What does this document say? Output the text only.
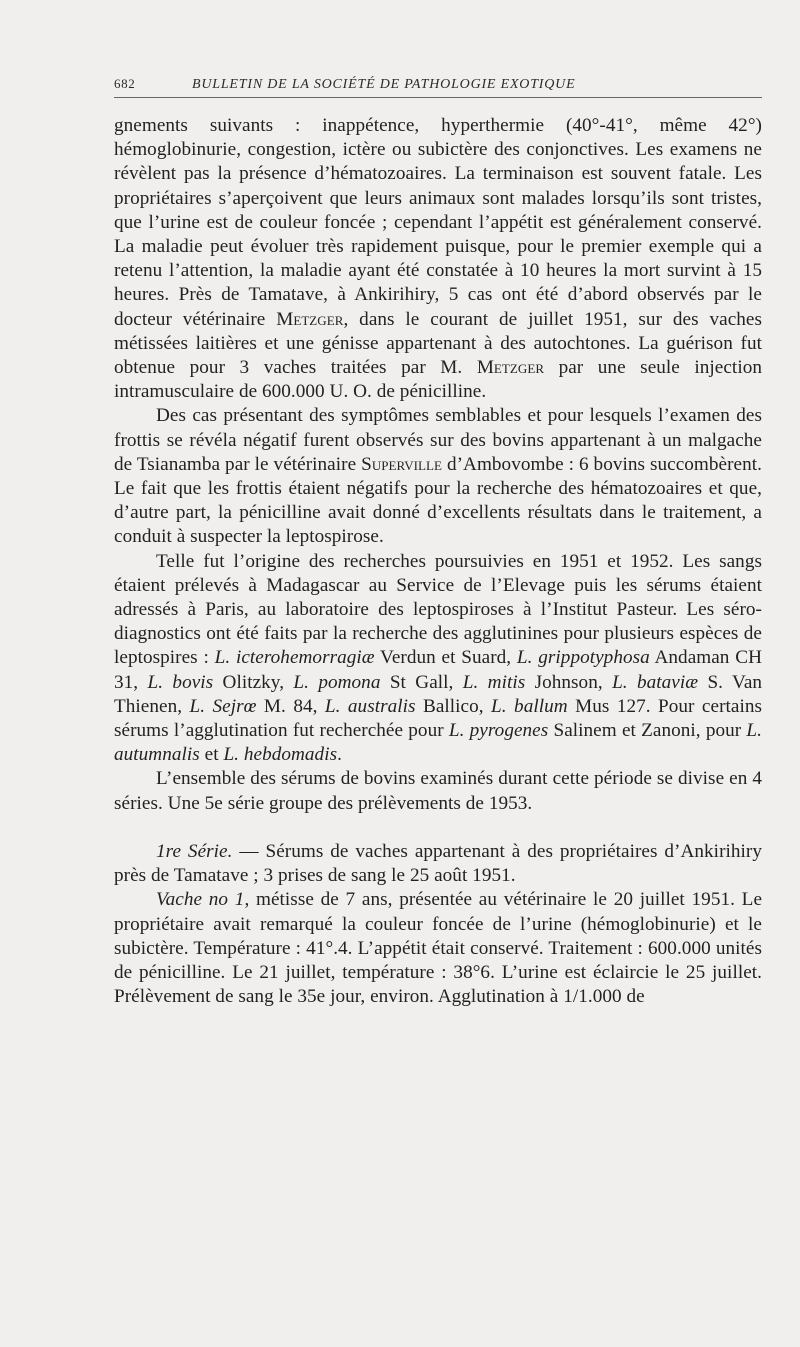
682	BULLETIN DE LA SOCIÉTÉ DE PATHOLOGIE EXOTIQUE

gnements suivants : inappétence, hyperthermie (40°-41°, même 42°) hémoglobinurie, congestion, ictère ou subictère des conjonctives. Les examens ne révèlent pas la présence d’hématozoaires. La terminaison est souvent fatale. Les propriétaires s’aperçoivent que leurs animaux sont malades lorsqu’ils sont tristes, que l’urine est de couleur foncée ; cependant l’appétit est généralement conservé. La maladie peut évoluer très rapidement puisque, pour le premier exemple qui a retenu l’attention, la maladie ayant été constatée à 10 heures la mort survint à 15 heures. Près de Tamatave, à Ankirihiry, 5 cas ont été d’abord observés par le docteur vétérinaire Metzger, dans le courant de juillet 1951, sur des vaches métissées laitières et une génisse appartenant à des autochtones. La guérison fut obtenue pour 3 vaches traitées par M. Metzger par une seule injection intramusculaire de 600.000 U. O. de pénicilline.

Des cas présentant des symptômes semblables et pour lesquels l’examen des frottis se révéla négatif furent observés sur des bovins appartenant à un malgache de Tsianamba par le vétérinaire Superville d’Ambovombe : 6 bovins succombèrent. Le fait que les frottis étaient négatifs pour la recherche des hématozoaires et que, d’autre part, la pénicilline avait donné d’excellents résultats dans le traitement, a conduit à suspecter la leptospirose.

Telle fut l’origine des recherches poursuivies en 1951 et 1952. Les sangs étaient prélevés à Madagascar au Service de l’Elevage puis les sérums étaient adressés à Paris, au laboratoire des leptospiroses à l’Institut Pasteur. Les séro-diagnostics ont été faits par la recherche des agglutinines pour plusieurs espèces de leptospires : L. icterohemorragiæ Verdun et Suard, L. grippotyphosa Andaman CH 31, L. bovis Olitzky, L. pomona St Gall, L. mitis Johnson, L. bataviæ S. Van Thienen, L. Sejrœ M. 84, L. australis Ballico, L. ballum Mus 127. Pour certains sérums l’agglutination fut recherchée pour L. pyrogenes Salinem et Zanoni, pour L. autumnalis et L. hebdomadis.

L’ensemble des sérums de bovins examinés durant cette période se divise en 4 séries. Une 5e série groupe des prélèvements de 1953.

1re Série. — Sérums de vaches appartenant à des propriétaires d’Ankirihiry près de Tamatave ; 3 prises de sang le 25 août 1951.

Vache no 1, métisse de 7 ans, présentée au vétérinaire le 20 juillet 1951. Le propriétaire avait remarqué la couleur foncée de l’urine (hémoglobinurie) et le subictère. Température : 41°.4. L’appétit était conservé. Traitement : 600.000 unités de pénicilline. Le 21 juillet, température : 38°6. L’urine est éclaircie le 25 juillet. Prélèvement de sang le 35e jour, environ. Agglutination à 1/1.000 de
